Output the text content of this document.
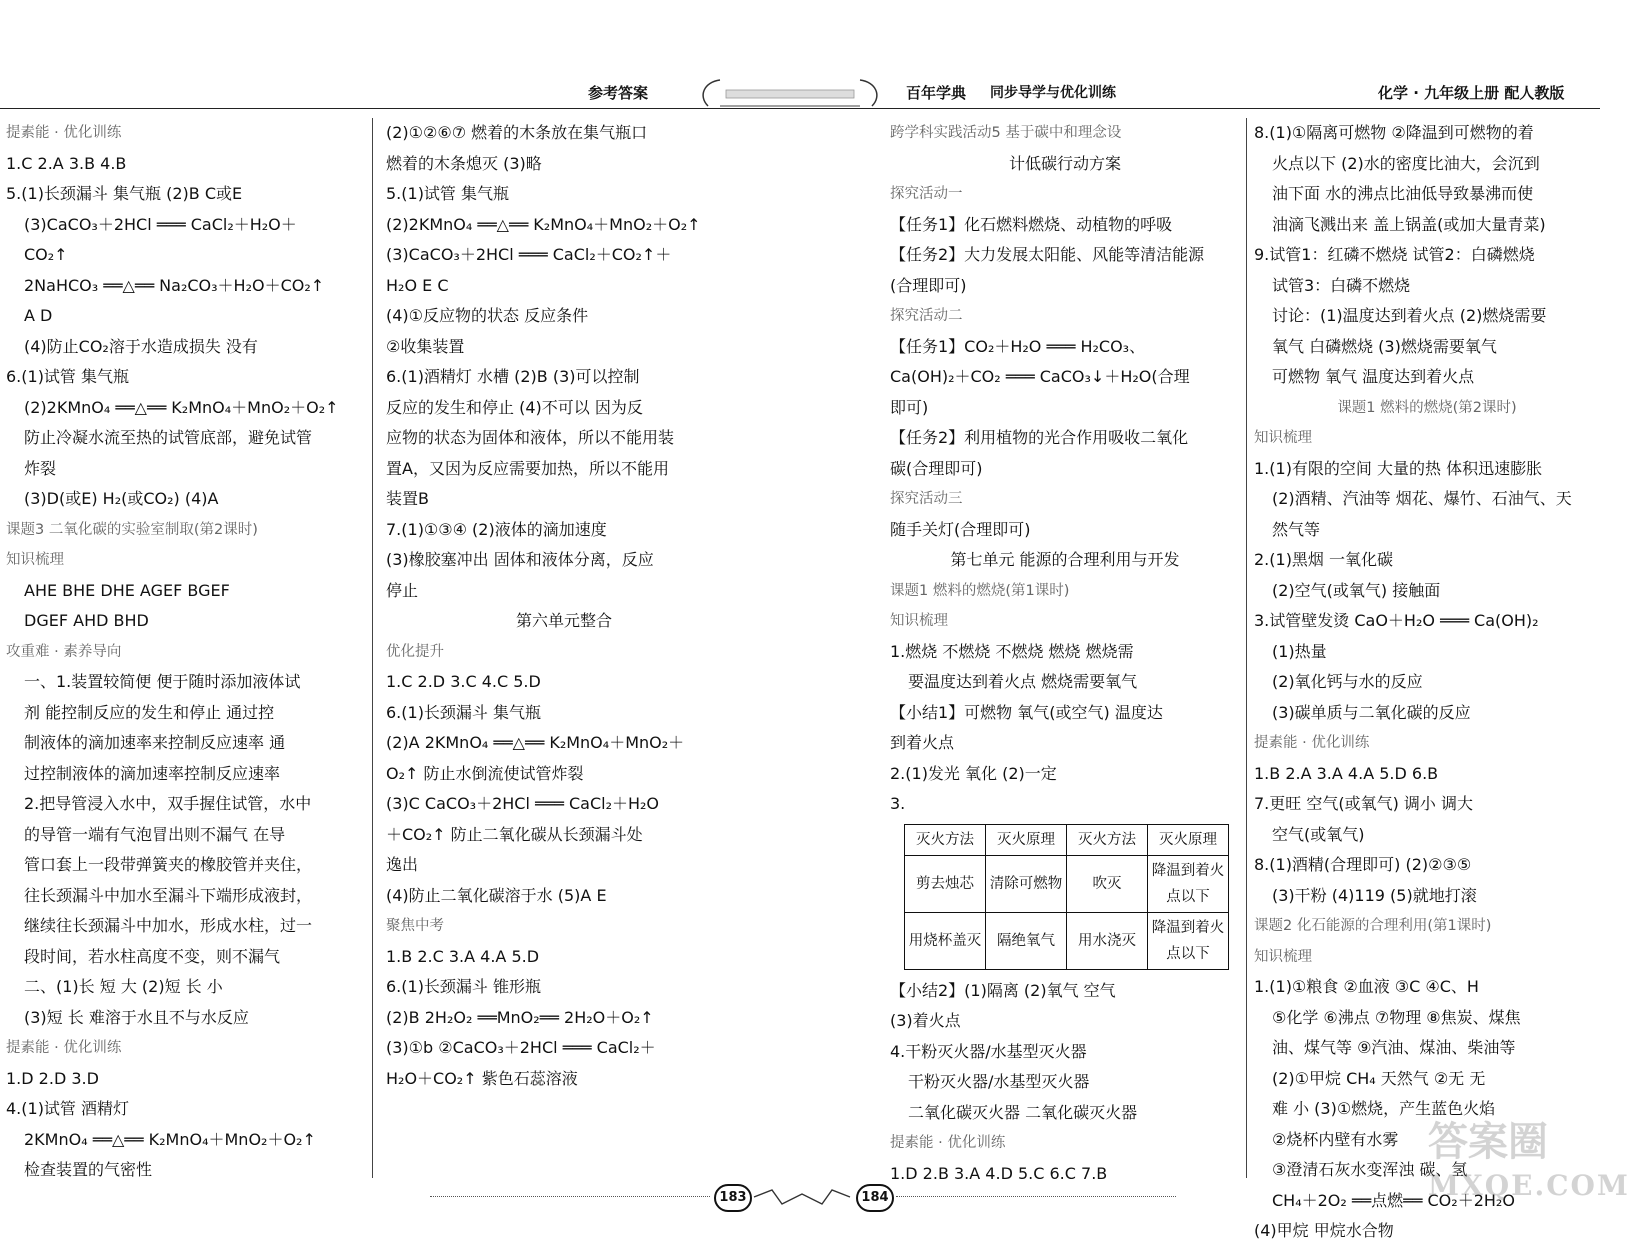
参考答案	百年学典 同步导学与优化训练	化学 · 九年级上册 配人教版
提素能 · 优化训练
1.C 2.A 3.B 4.B
5.(1)长颈漏斗 集气瓶 (2)B C或E
(3)CaCO₃＋2HCl ═══ CaCl₂＋H₂O＋
CO₂↑
2NaHCO₃ ══△══ Na₂CO₃＋H₂O＋CO₂↑
A D
(4)防止CO₂溶于水造成损失 没有
6.(1)试管 集气瓶
(2)2KMnO₄ ══△══ K₂MnO₄＋MnO₂＋O₂↑
防止冷凝水流至热的试管底部，避免试管
炸裂
(3)D(或E) H₂(或CO₂) (4)A
课题3 二氧化碳的实验室制取(第2课时)
知识梳理
AHE BHE DHE AGEF BGEF
DGEF AHD BHD
攻重难 · 素养导向
一、1.装置较简便 便于随时添加液体试
剂 能控制反应的发生和停止 通过控
制液体的滴加速率来控制反应速率 通
过控制液体的滴加速率控制反应速率
2.把导管浸入水中，双手握住试管，水中
的导管一端有气泡冒出则不漏气 在导
管口套上一段带弹簧夹的橡胶管并夹住，
往长颈漏斗中加水至漏斗下端形成液封，
继续往长颈漏斗中加水，形成水柱，过一
段时间，若水柱高度不变，则不漏气
二、(1)长 短 大 (2)短 长 小
(3)短 长 难溶于水且不与水反应
提素能 · 优化训练
1.D 2.D 3.D
4.(1)试管 酒精灯
2KMnO₄ ══△══ K₂MnO₄＋MnO₂＋O₂↑
检查装置的气密性
(2)①②⑥⑦ 燃着的木条放在集气瓶口
燃着的木条熄灭 (3)略
5.(1)试管 集气瓶
(2)2KMnO₄ ══△══ K₂MnO₄＋MnO₂＋O₂↑
(3)CaCO₃＋2HCl ═══ CaCl₂＋CO₂↑＋
H₂O E C
(4)①反应物的状态 反应条件
②收集装置
6.(1)酒精灯 水槽 (2)B (3)可以控制
反应的发生和停止 (4)不可以 因为反
应物的状态为固体和液体，所以不能用装
置A，又因为反应需要加热，所以不能用
装置B
7.(1)①③④ (2)液体的滴加速度
(3)橡胶塞冲出 固体和液体分离，反应
停止
第六单元整合
优化提升
1.C 2.D 3.C 4.C 5.D
6.(1)长颈漏斗 集气瓶
(2)A 2KMnO₄ ══△══ K₂MnO₄＋MnO₂＋
O₂↑ 防止水倒流使试管炸裂
(3)C CaCO₃＋2HCl ═══ CaCl₂＋H₂O
＋CO₂↑ 防止二氧化碳从长颈漏斗处
逸出
(4)防止二氧化碳溶于水 (5)A E
聚焦中考
1.B 2.C 3.A 4.A 5.D
6.(1)长颈漏斗 锥形瓶
(2)B 2H₂O₂ ══MnO₂══ 2H₂O＋O₂↑
(3)①b ②CaCO₃＋2HCl ═══ CaCl₂＋
H₂O＋CO₂↑ 紫色石蕊溶液
跨学科实践活动5 基于碳中和理念设
计低碳行动方案
探究活动一
【任务1】化石燃料燃烧、动植物的呼吸
【任务2】大力发展太阳能、风能等清洁能源
(合理即可)
探究活动二
【任务1】CO₂＋H₂O ═══ H₂CO₃、
Ca(OH)₂＋CO₂ ═══ CaCO₃↓＋H₂O(合理
即可)
【任务2】利用植物的光合作用吸收二氧化
碳(合理即可)
探究活动三
随手关灯(合理即可)
第七单元 能源的合理利用与开发
课题1 燃料的燃烧(第1课时)
知识梳理
1.燃烧 不燃烧 不燃烧 燃烧 燃烧需
要温度达到着火点 燃烧需要氧气
【小结1】可燃物 氧气(或空气) 温度达
到着火点
2.(1)发光 氧化 (2)一定
3.
灭火方法	灭火原理	灭火方法	灭火原理
剪去烛芯	清除可燃物	吹灭	降温到着火点以下
用烧杯盖灭	隔绝氧气	用水浇灭	降温到着火点以下
【小结2】(1)隔离 (2)氧气 空气
(3)着火点
4.干粉灭火器/水基型灭火器
干粉灭火器/水基型灭火器
二氧化碳灭火器 二氧化碳灭火器
提素能 · 优化训练
1.D 2.B 3.A 4.D 5.C 6.C 7.B
8.(1)①隔离可燃物 ②降温到可燃物的着
火点以下 (2)水的密度比油大，会沉到
油下面 水的沸点比油低导致暴沸而使
油滴飞溅出来 盖上锅盖(或加大量青菜)
9.试管1：红磷不燃烧 试管2：白磷燃烧
试管3：白磷不燃烧
讨论：(1)温度达到着火点 (2)燃烧需要
氧气 白磷燃烧 (3)燃烧需要氧气
可燃物 氧气 温度达到着火点
课题1 燃料的燃烧(第2课时)
知识梳理
1.(1)有限的空间 大量的热 体积迅速膨胀
(2)酒精、汽油等 烟花、爆竹、石油气、天
然气等
2.(1)黑烟 一氧化碳
(2)空气(或氧气) 接触面
3.试管壁发烫 CaO＋H₂O ═══ Ca(OH)₂
(1)热量
(2)氧化钙与水的反应
(3)碳单质与二氧化碳的反应
提素能 · 优化训练
1.B 2.A 3.A 4.A 5.D 6.B
7.更旺 空气(或氧气) 调小 调大
空气(或氧气)
8.(1)酒精(合理即可) (2)②③⑤
(3)干粉 (4)119 (5)就地打滚
课题2 化石能源的合理利用(第1课时)
知识梳理
1.(1)①粮食 ②血液 ③C ④C、H
⑤化学 ⑥沸点 ⑦物理 ⑧焦炭、煤焦
油、煤气等 ⑨汽油、煤油、柴油等
(2)①甲烷 CH₄ 天然气 ②无 无
难 小 (3)①燃烧，产生蓝色火焰
②烧杯内壁有水雾
③澄清石灰水变浑浊 碳、氢
CH₄＋2O₂ ══点燃══ CO₂＋2H₂O
(4)甲烷 甲烷水合物
183	184
答案圈
MXQE.COM
